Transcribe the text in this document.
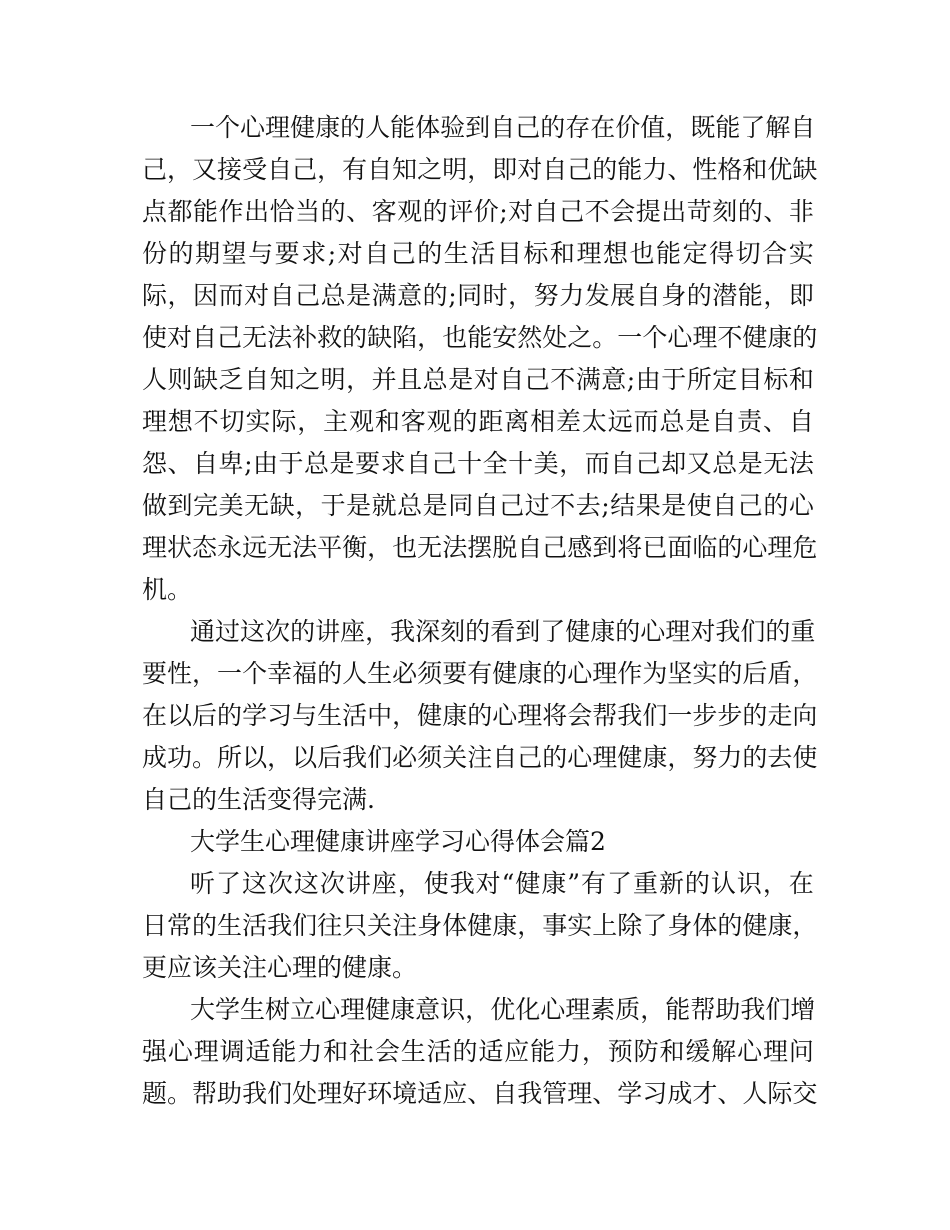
一 个 心 理 健 康 的 人 能 体 验 到 自 己 的 存 在 价 值 ， 既 能 了 解 自
己 ， 又 接 受 自 己 ， 有 自 知 之 明 ， 即 对 自 己 的 能 力 、 性 格 和 优 缺
点 都 能 作 出 恰 当 的 、 客 观 的 评 价 ; 对 自 己 不 会 提 出 苛 刻 的 、 非
份 的 期 望 与 要 求 ; 对 自 己 的 生 活 目 标 和 理 想 也 能 定 得 切 合 实
际 ， 因 而 对 自 己 总 是 满 意 的 ; 同 时 ， 努 力 发 展 自 身 的 潜 能 ， 即
使 对 自 己 无 法 补 救 的 缺 陷 ， 也 能 安 然 处 之 。 一 个 心 理 不 健 康 的
人 则 缺 乏 自 知 之 明 ， 并 且 总 是 对 自 己 不 满 意 ; 由 于 所 定 目 标 和
理 想 不 切 实 际 ， 主 观 和 客 观 的 距 离 相 差 太 远 而 总 是 自 责 、 自
怨 、 自 卑 ; 由 于 总 是 要 求 自 己 十 全 十 美 ， 而 自 己 却 又 总 是 无 法
做 到 完 美 无 缺 ， 于 是 就 总 是 同 自 己 过 不 去 ; 结 果 是 使 自 己 的 心
理 状 态 永 远 无 法 平 衡 ， 也 无 法 摆 脱 自 己 感 到 将 已 面 临 的 心 理 危
机。
通 过 这 次 的 讲 座 ， 我 深 刻 的 看 到 了 健 康 的 心 理 对 我 们 的 重
要 性 ， 一 个 幸 福 的 人 生 必 须 要 有 健 康 的 心 理 作 为 坚 实 的 后 盾 ，
在 以 后 的 学 习 与 生 活 中 ， 健 康 的 心 理 将 会 帮 我 们 一 步 步 的 走 向
成 功 。 所 以 ， 以 后 我 们 必 须 关 注 自 己 的 心 理 健 康 ， 努 力 的 去 使
自己的生活变得完满.
大学生心理健康讲座学习心得体会篇2
听 了 这 次 这 次 讲 座 ， 使 我 对 “ 健 康 ” 有 了 重 新 的 认 识 ， 在
日 常 的 生 活 我 们 往 只 关 注 身 体 健 康 ， 事 实 上 除 了 身 体 的 健 康 ，
更应该关注心理的健康。
大 学 生 树 立 心 理 健 康 意 识 ， 优 化 心 理 素 质 ， 能 帮 助 我 们 增
强 心 理 调 适 能 力 和 社 会 生 活 的 适 应 能 力 ， 预 防 和 缓 解 心 理 问
题 。 帮 助 我 们 处 理 好 环 境 适 应 、 自 我 管 理 、 学 习 成 才 、 人 际 交
